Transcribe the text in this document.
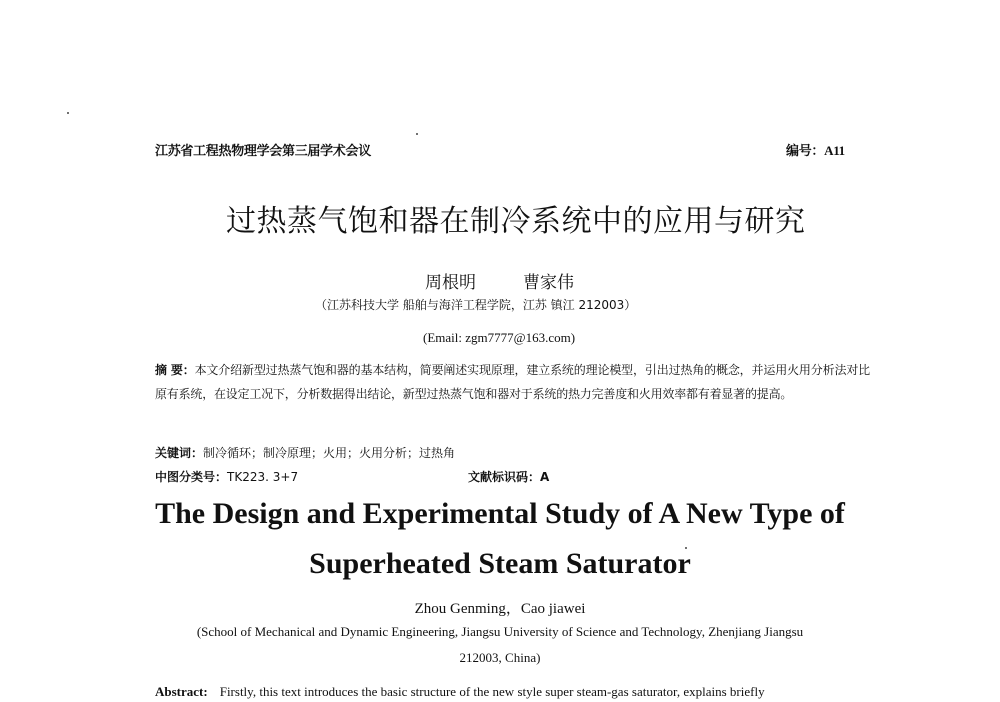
江苏省工程热物理学会第三届学术会议	编号：A11
过热蒸气饱和器在制冷系统中的应用与研究
周根明	曹家伟
（江苏科技大学 船舶与海洋工程学院，江苏 镇江 212003）
(Email: zgm7777@163.com)
摘 要：本文介绍新型过热蒸气饱和器的基本结构，简要阐述实现原理，建立系统的理论模型，引出过热角的概念，并运用火用分析法对比原有系统，在设定工况下，分析数据得出结论，新型过热蒸气饱和器对于系统的热力完善度和火用效率都有着显著的提高。
关键词：制冷循环；制冷原理；火用；火用分析；过热角
中图分类号：TK223. 3+7	文献标识码：A
The Design and Experimental Study of A New Type of
Superheated Steam Saturator
Zhou Genming，Cao jiawei
(School of Mechanical and Dynamic Engineering, Jiangsu University of Science and Technology, Zhenjiang Jiangsu
212003, China)
Abstract: Firstly, this text introduces the basic structure of the new style super steam-gas saturator, explains briefly
